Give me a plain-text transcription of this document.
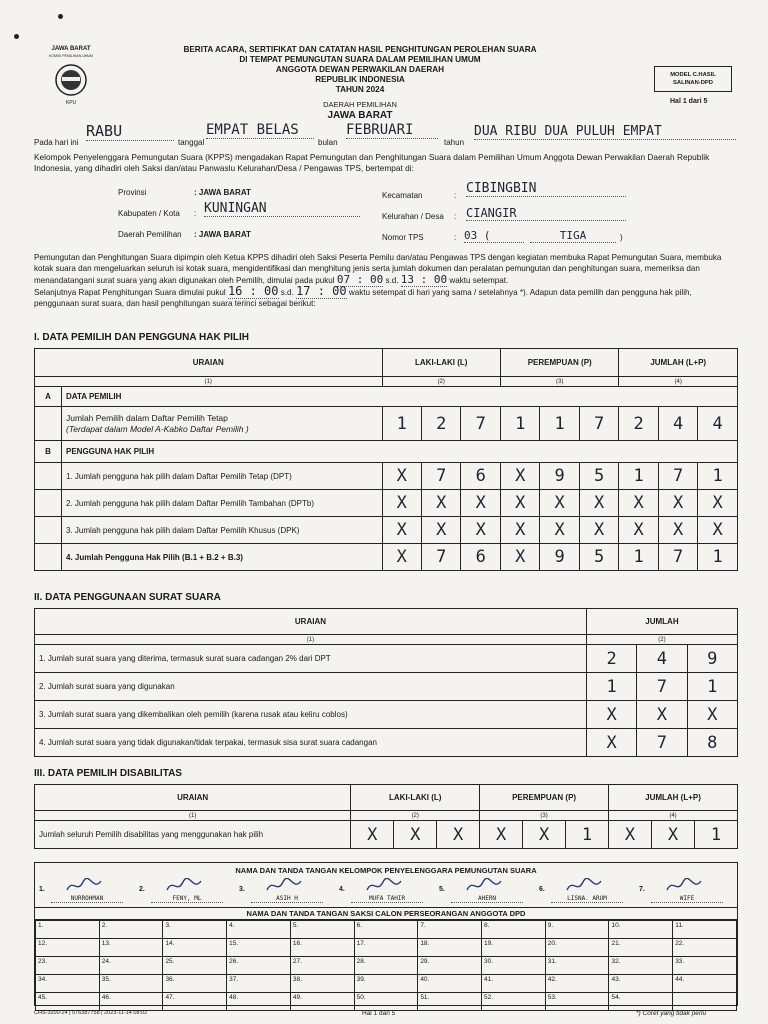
JAWA BARAT
KOMISI PEMILIHAN UMUM
KPU
BERITA ACARA, SERTIFIKAT DAN CATATAN HASIL PENGHITUNGAN PEROLEHAN SUARA
DI TEMPAT PEMUNGUTAN SUARA DALAM PEMILIHAN UMUM
ANGGOTA DEWAN PERWAKILAN DAERAH
REPUBLIK INDONESIA
TAHUN 2024
DAERAH PEMILIHAN
JAWA BARAT
MODEL C.HASIL
SALINAN-DPD
Hal 1 dari 5
Pada hari ini
RABU
tanggal
EMPAT BELAS
bulan
FEBRUARI
tahun
DUA RIBU DUA PULUH EMPAT
Kelompok Penyelenggara Pemungutan Suara (KPPS) mengadakan Rapat Pemungutan dan Penghitungan Suara dalam Pemilihan Umum Anggota Dewan Perwakilan Daerah Republik Indonesia, yang dihadiri oleh Saksi dan/atau Panwaslu Kelurahan/Desa / Pengawas TPS, bertempat di:
Provinsi	: JAWA BARAT
Kabupaten / Kota : KUNINGAN
Daerah Pemilihan : JAWA BARAT
Kecamatan	: CIBINGBIN
Kelurahan / Desa : CIANGIR
Nomor TPS	: 03 (	TIGA	)
Pemungutan dan Penghitungan Suara dipimpin oleh Ketua KPPS dihadiri oleh Saksi Peserta Pemilu dan/atau Pengawas TPS dengan kegiatan membuka Rapat Pemungutan Suara, membuka kotak suara dan mengeluarkan seluruh isi kotak suara, mengidentifikasi dan menghitung jenis serta jumlah dokumen dan peralatan pemungutan dan penghitungan suara, memeriksa dan menandatangani surat suara yang akan digunakan oleh Pemilih, dimulai pada pukul 07 : 00 s.d. 13 : 00 waktu setempat.
Selanjutnya Rapat Penghitungan Suara dimulai pukul 16 : 00 s.d. 17 : 00 waktu setempat di hari yang sama / setelahnya *). Adapun data pemilih dan pengguna hak pilih, penggunaan surat suara, dan hasil penghitungan suara terinci sebagai berikut:
I. DATA PEMILIH DAN PENGGUNA HAK PILIH
URAIAN		LAKI-LAKI (L)			PEREMPUAN (P)			JUMLAH (L+P)		
(1)		(2)			(3)			(4)		
A	DATA PEMILIH									

	Jumlah Pemilih dalam Daftar Pemilih Tetap
(Terdapat dalam Model A-Kabko Daftar Pemilih )	1	2	7	1	1	7	2	4	4
B	PENGGUNA HAK PILIH									
	1. Jumlah pengguna hak pilih dalam Daftar Pemilih Tetap (DPT)	X	7	6	X	9	5	1	7	1
	2. Jumlah pengguna hak pilih dalam Daftar Pemilih Tambahan (DPTb)	X	X	X	X	X	X	X	X	X
	3. Jumlah pengguna hak pilih dalam Daftar Pemilih Khusus (DPK)	X	X	X	X	X	X	X	X	X
	4. Jumlah Pengguna Hak Pilih (B.1 + B.2 + B.3)	X	7	6	X	9	5	1	7	1
II. DATA PENGGUNAAN SURAT SUARA
URAIAN	JUMLAH		
(1)	(2)		
1. Jumlah surat suara yang diterima, termasuk surat suara cadangan 2% dari DPT	2	4	9
2. Jumlah surat suara yang digunakan	1	7	1
3. Jumlah surat suara yang dikembalikan oleh pemilih (karena rusak atau keliru coblos)	X	X	X
4. Jumlah surat suara yang tidak digunakan/tidak terpakai, termasuk sisa surat suara cadangan	X	7	8
III. DATA PEMILIH DISABILITAS
URAIAN	LAKI-LAKI (L)			PEREMPUAN (P)			JUMLAH (L+P)		
(1)	(2)			(3)			(4)		
Jumlah seluruh Pemilih disabilitas yang menggunakan hak pilih	X	X	X	X	X	1	X	X	1
NAMA DAN TANDA TANGAN KELOMPOK PENYELENGGARA PEMUNGUTAN SUARA
1.
NURROHMAN
2.
FENY, ML
3.
ASIH H
4.
MUFA TAHIR
5.
AHERN
6.
LISNA. ARUM
7.
WIFE
NAMA DAN TANDA TANGAN SAKSI CALON PERSEORANGAN ANGGOTA DPD
1.	2.	3.	4.	5.	6.	7.	8.	9.	10.	11.
12.	13.	14.	15.	16.	17.	18.	19.	20.	21.	22.
23.	24.	25.	26.	27.	28.	29.	30.	31.	32.	33.
34.	35.	36.	37.	38.	39.	40.	41.	42.	43.	44.
45.	46.	47.	48.	49.	50.	51.	52.	53.	54.	
CHS-3200-24 | 076387758 | 2023-11-14 08:02	Hal 1 dari 5	*) Coret yang tidak perlu
